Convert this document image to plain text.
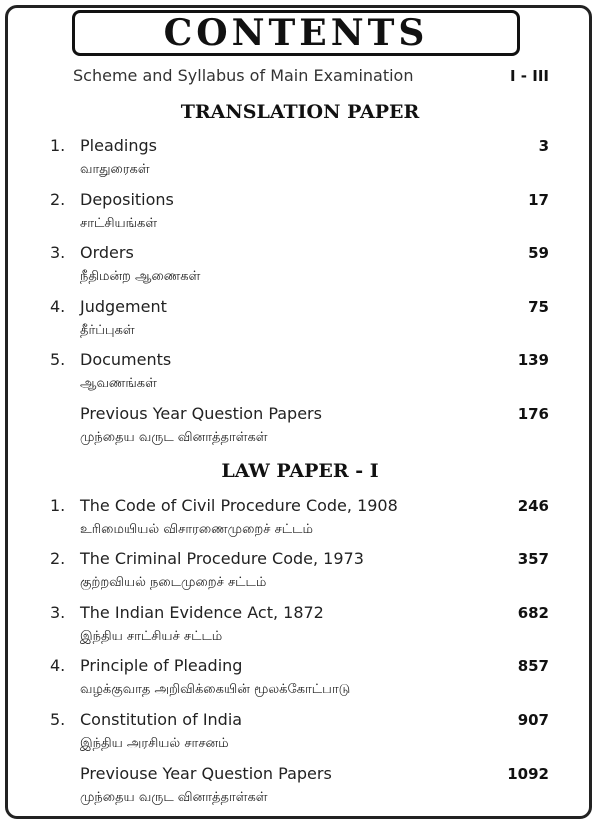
CONTENTS
Scheme and Syllabus of Main Examination	I - III
TRANSLATION PAPER
1. Pleadings	3
வாதுரைகள்
2. Depositions	17
சாட்சியங்கள்
3. Orders	59
நீதிமன்ற ஆணைகள்
4. Judgement	75
தீர்ப்புகள்
5. Documents	139
ஆவணங்கள்
Previous Year Question Papers	176
முந்தைய வருட வினாத்தாள்கள்
LAW PAPER - I
1. The Code of Civil Procedure Code, 1908	246
உரிமையியல் விசாரணைமுறைச் சட்டம்
2. The Criminal Procedure Code, 1973	357
குற்றவியல் நடைமுறைச் சட்டம்
3. The Indian Evidence Act, 1872	682
இந்திய சாட்சியச் சட்டம்
4. Principle of Pleading	857
வழக்குவாத அறிவிக்கையின் மூலக்கோட்பாடு
5. Constitution of India	907
இந்திய அரசியல் சாசனம்
Previouse Year Question Papers	1092
முந்தைய வருட வினாத்தாள்கள்
